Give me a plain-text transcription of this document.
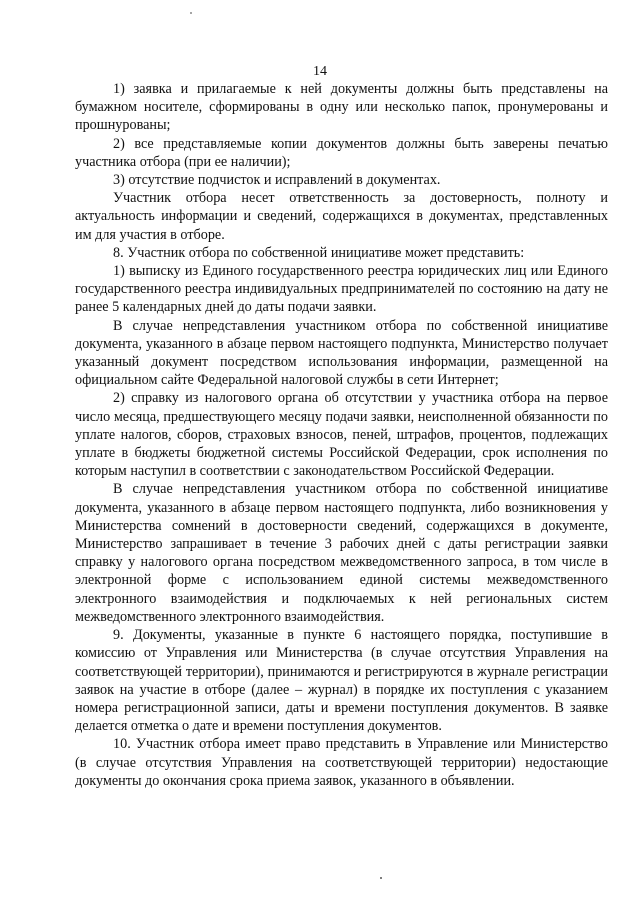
14

1) заявка и прилагаемые к ней документы должны быть представлены на бумажном носителе, сформированы в одну или несколько папок, пронумерованы и прошнурованы;

2) все представляемые копии документов должны быть заверены печатью участника отбора (при ее наличии);

3) отсутствие подчисток и исправлений в документах.

Участник отбора несет ответственность за достоверность, полноту и актуальность информации и сведений, содержащихся в документах, представленных им для участия в отборе.

8. Участник отбора по собственной инициативе может представить:

1) выписку из Единого государственного реестра юридических лиц или Единого государственного реестра индивидуальных предпринимателей по состоянию на дату не ранее 5 календарных дней до даты подачи заявки.

В случае непредставления участником отбора по собственной инициативе документа, указанного в абзаце первом настоящего подпункта, Министерство получает указанный документ посредством использования информации, размещенной на официальном сайте Федеральной налоговой службы в сети Интернет;

2) справку из налогового органа об отсутствии у участника отбора на первое число месяца, предшествующего месяцу подачи заявки, неисполненной обязанности по уплате налогов, сборов, страховых взносов, пеней, штрафов, процентов, подлежащих уплате в бюджеты бюджетной системы Российской Федерации, срок исполнения по которым наступил в соответствии с законодательством Российской Федерации.

В случае непредставления участником отбора по собственной инициативе документа, указанного в абзаце первом настоящего подпункта, либо возникновения у Министерства сомнений в достоверности сведений, содержащихся в документе, Министерство запрашивает в течение 3 рабочих дней с даты регистрации заявки справку у налогового органа посредством межведомственного запроса, в том числе в электронной форме с использованием единой системы межведомственного электронного взаимодействия и подключаемых к ней региональных систем межведомственного электронного взаимодействия.

9. Документы, указанные в пункте 6 настоящего порядка, поступившие в комиссию от Управления или Министерства (в случае отсутствия Управления на соответствующей территории), принимаются и регистрируются в журнале регистрации заявок на участие в отборе (далее – журнал) в порядке их поступления с указанием номера регистрационной записи, даты и времени поступления документов. В заявке делается отметка о дате и времени поступления документов.

10. Участник отбора имеет право представить в Управление или Министерство (в случае отсутствия Управления на соответствующей территории) недостающие документы до окончания срока приема заявок, указанного в объявлении.
